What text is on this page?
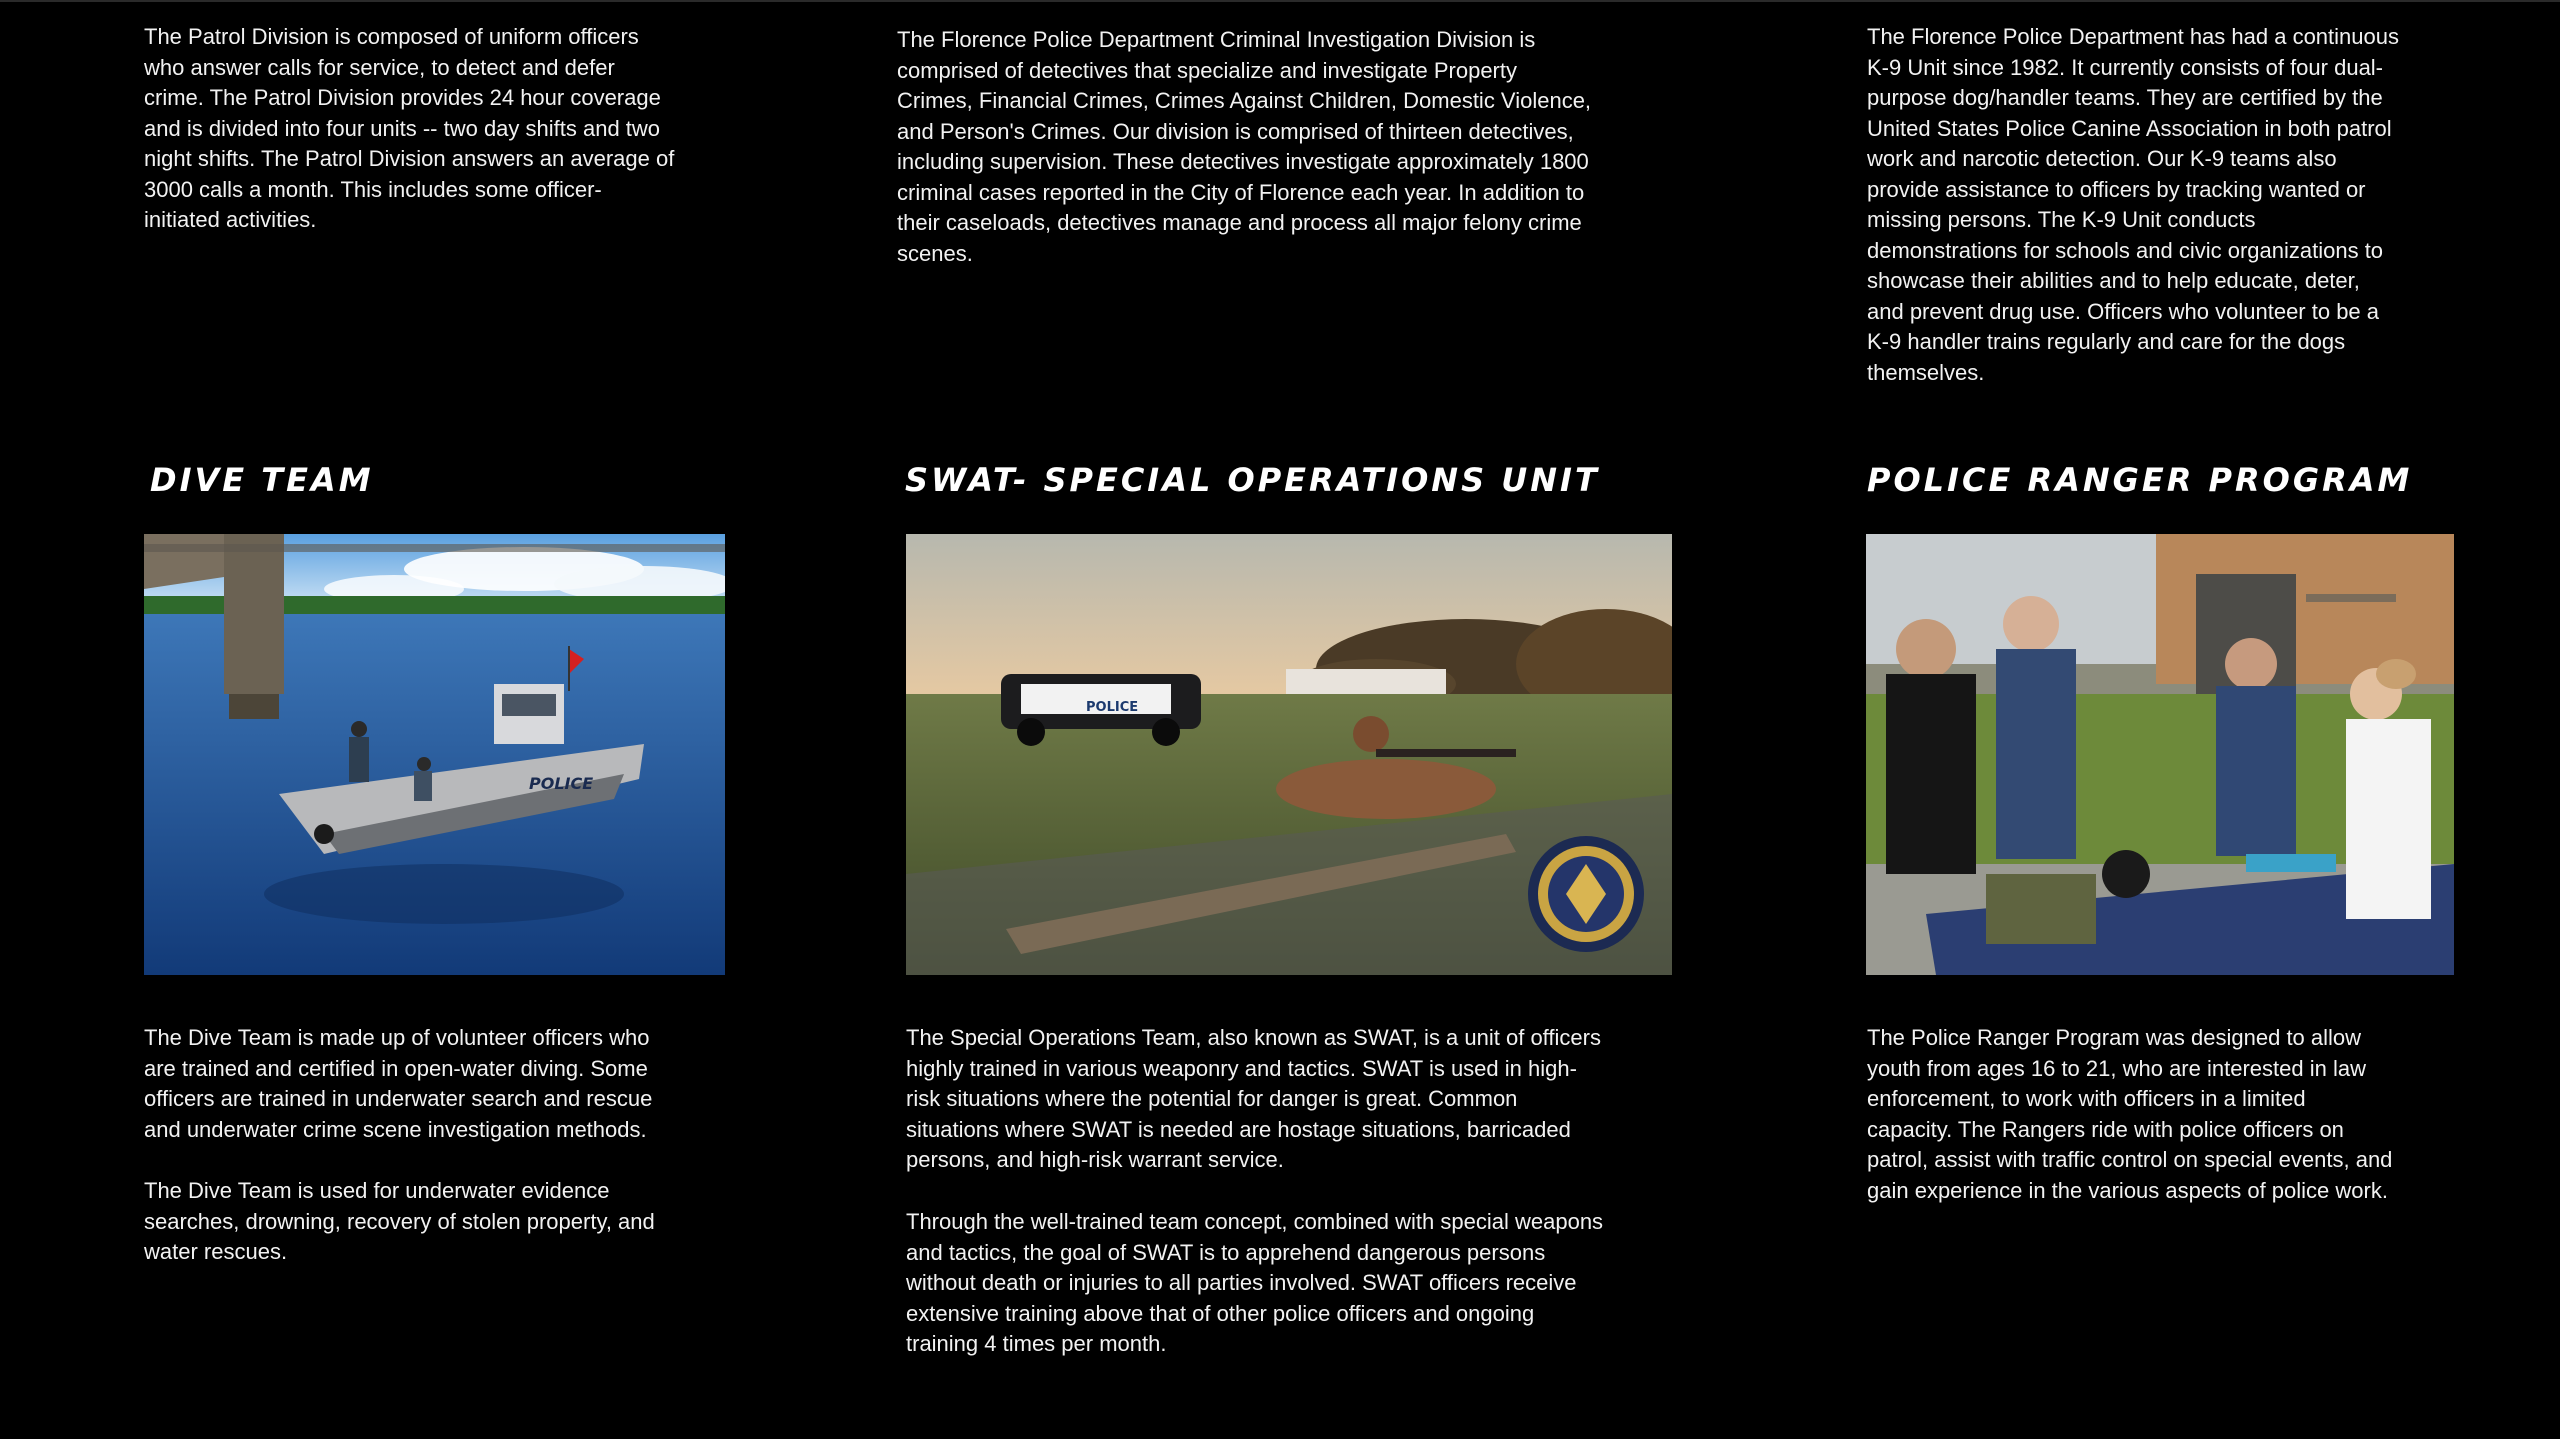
The Patrol Division is composed of uniform officers
who answer calls for service, to detect and defer
crime. The Patrol Division provides 24 hour coverage
and is divided into four units -- two day shifts and two
night shifts. The Patrol Division answers an average of
3000 calls a month. This includes some officer-
initiated activities.

The Florence Police Department Criminal Investigation Division is
comprised of detectives that specialize and investigate Property
Crimes, Financial Crimes, Crimes Against Children, Domestic Violence,
and Person's Crimes. Our division is comprised of thirteen detectives,
including supervision. These detectives investigate approximately 1800
criminal cases reported in the City of Florence each year. In addition to
their caseloads, detectives manage and process all major felony crime
scenes.

The Florence Police Department has had a continuous
K-9 Unit since 1982. It currently consists of four dual-
purpose dog/handler teams. They are certified by the
United States Police Canine Association in both patrol
work and narcotic detection. Our K-9 teams also
provide assistance to officers by tracking wanted or
missing persons. The K-9 Unit conducts
demonstrations for schools and civic organizations to
showcase their abilities and to help educate, deter,
and prevent drug use. Officers who volunteer to be a
K-9 handler trains regularly and care for the dogs
themselves.

DIVE TEAM	SWAT- SPECIAL OPERATIONS UNIT	POLICE RANGER PROGRAM
POLICE
POLICE

The Dive Team is made up of volunteer officers who
are trained and certified in open-water diving. Some
officers are trained in underwater search and rescue
and underwater crime scene investigation methods.

The Dive Team is used for underwater evidence
searches, drowning, recovery of stolen property, and
water rescues.

The Special Operations Team, also known as SWAT, is a unit of officers
highly trained in various weaponry and tactics. SWAT is used in high-
risk situations where the potential for danger is great. Common
situations where SWAT is needed are hostage situations, barricaded
persons, and high-risk warrant service.

Through the well-trained team concept, combined with special weapons
and tactics, the goal of SWAT is to apprehend dangerous persons
without death or injuries to all parties involved. SWAT officers receive
extensive training above that of other police officers and ongoing
training 4 times per month.

The Police Ranger Program was designed to allow
youth from ages 16 to 21, who are interested in law
enforcement, to work with officers in a limited
capacity. The Rangers ride with police officers on
patrol, assist with traffic control on special events, and
gain experience in the various aspects of police work.
